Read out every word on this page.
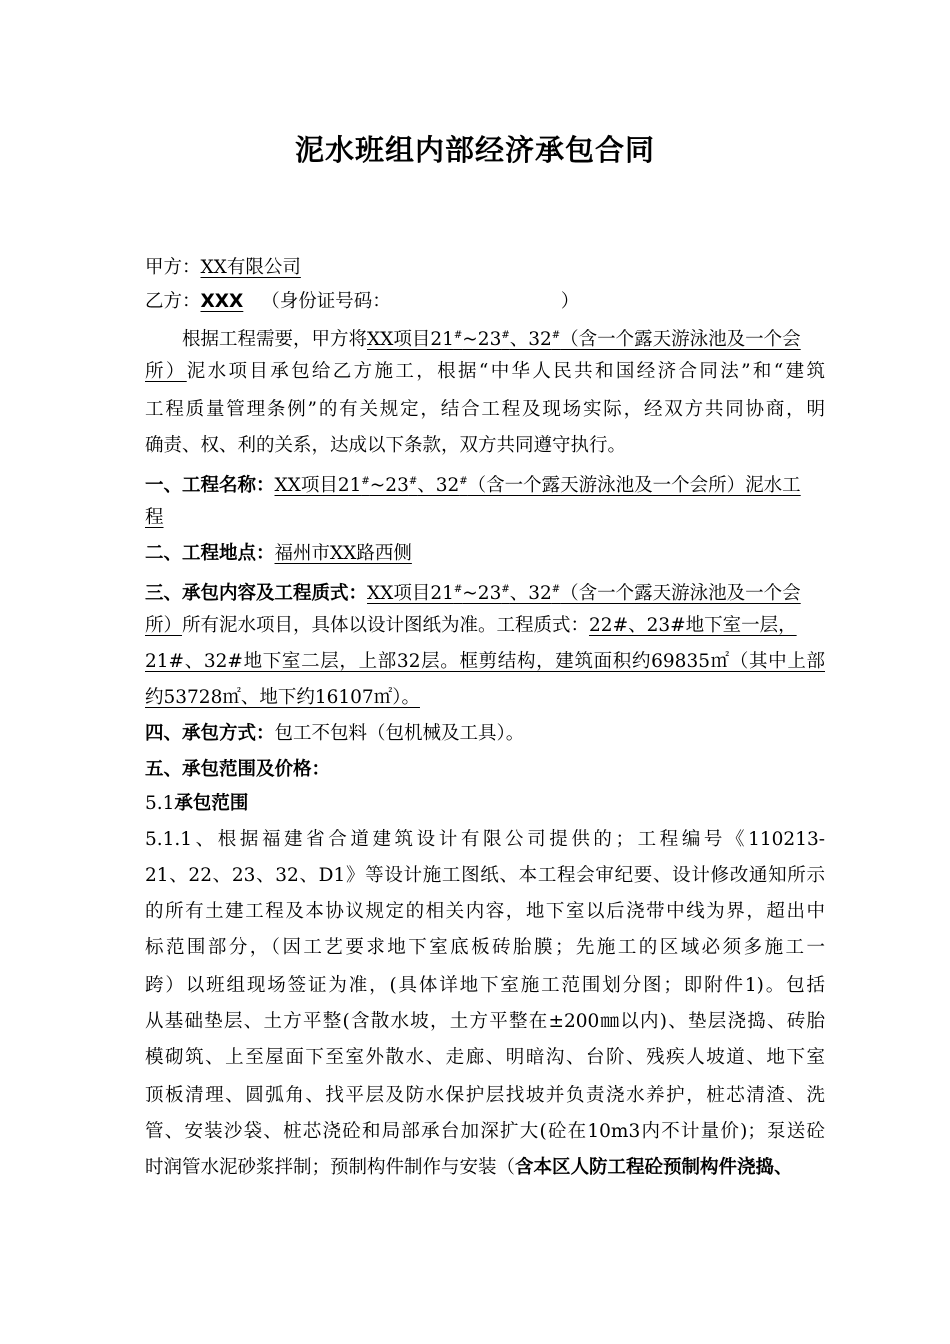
泥水班组内部经济承包合同
甲方：XX有限公司
乙方：XXX （身份证号码：	）
根据工程需要，甲方将XX项目21#~23#、32#（含一个露天游泳池及一个会
所）泥水项目承包给乙方施工，根据“中华人民共和国经济合同法”和“建筑
工程质量管理条例”的有关规定，结合工程及现场实际，经双方共同协商，明
确责、权、利的关系，达成以下条款，双方共同遵守执行。
一、工程名称：XX项目21#~23#、32#（含一个露天游泳池及一个会所）泥水工
程
二、工程地点：福州市XX路西侧
三、承包内容及工程质式：XX项目21#~23#、32#（含一个露天游泳池及一个会
所）所有泥水项目，具体以设计图纸为准。工程质式：22#、23#地下室一层，
21#、32#地下室二层，上部32层。框剪结构，建筑面积约69835㎡（其中上部
约53728㎡、地下约16107㎡）。
四、承包方式：包工不包料（包机械及工具）。
五、承包范围及价格：
5.1承包范围
5.1.1、根据福建省合道建筑设计有限公司提供的；工程编号《110213-
21、22、23、32、D1》等设计施工图纸、本工程会审纪要、设计修改通知所示
的所有土建工程及本协议规定的相关内容，地下室以后浇带中线为界，超出中
标范围部分，（因工艺要求地下室底板砖胎膜；先施工的区域必须多施工一
跨）以班组现场签证为准，(具体详地下室施工范围划分图；即附件1)。包括
从基础垫层、土方平整(含散水坡，土方平整在±200㎜以内)、垫层浇捣、砖胎
模砌筑、上至屋面下至室外散水、走廊、明暗沟、台阶、残疾人坡道、地下室
顶板清理、圆弧角、找平层及防水保护层找坡并负责浇水养护，桩芯清渣、洗
管、安装沙袋、桩芯浇砼和局部承台加深扩大(砼在10m3内不计量价)；泵送砼
时润管水泥砂浆拌制；预制构件制作与安装（含本区人防工程砼预制构件浇捣、
